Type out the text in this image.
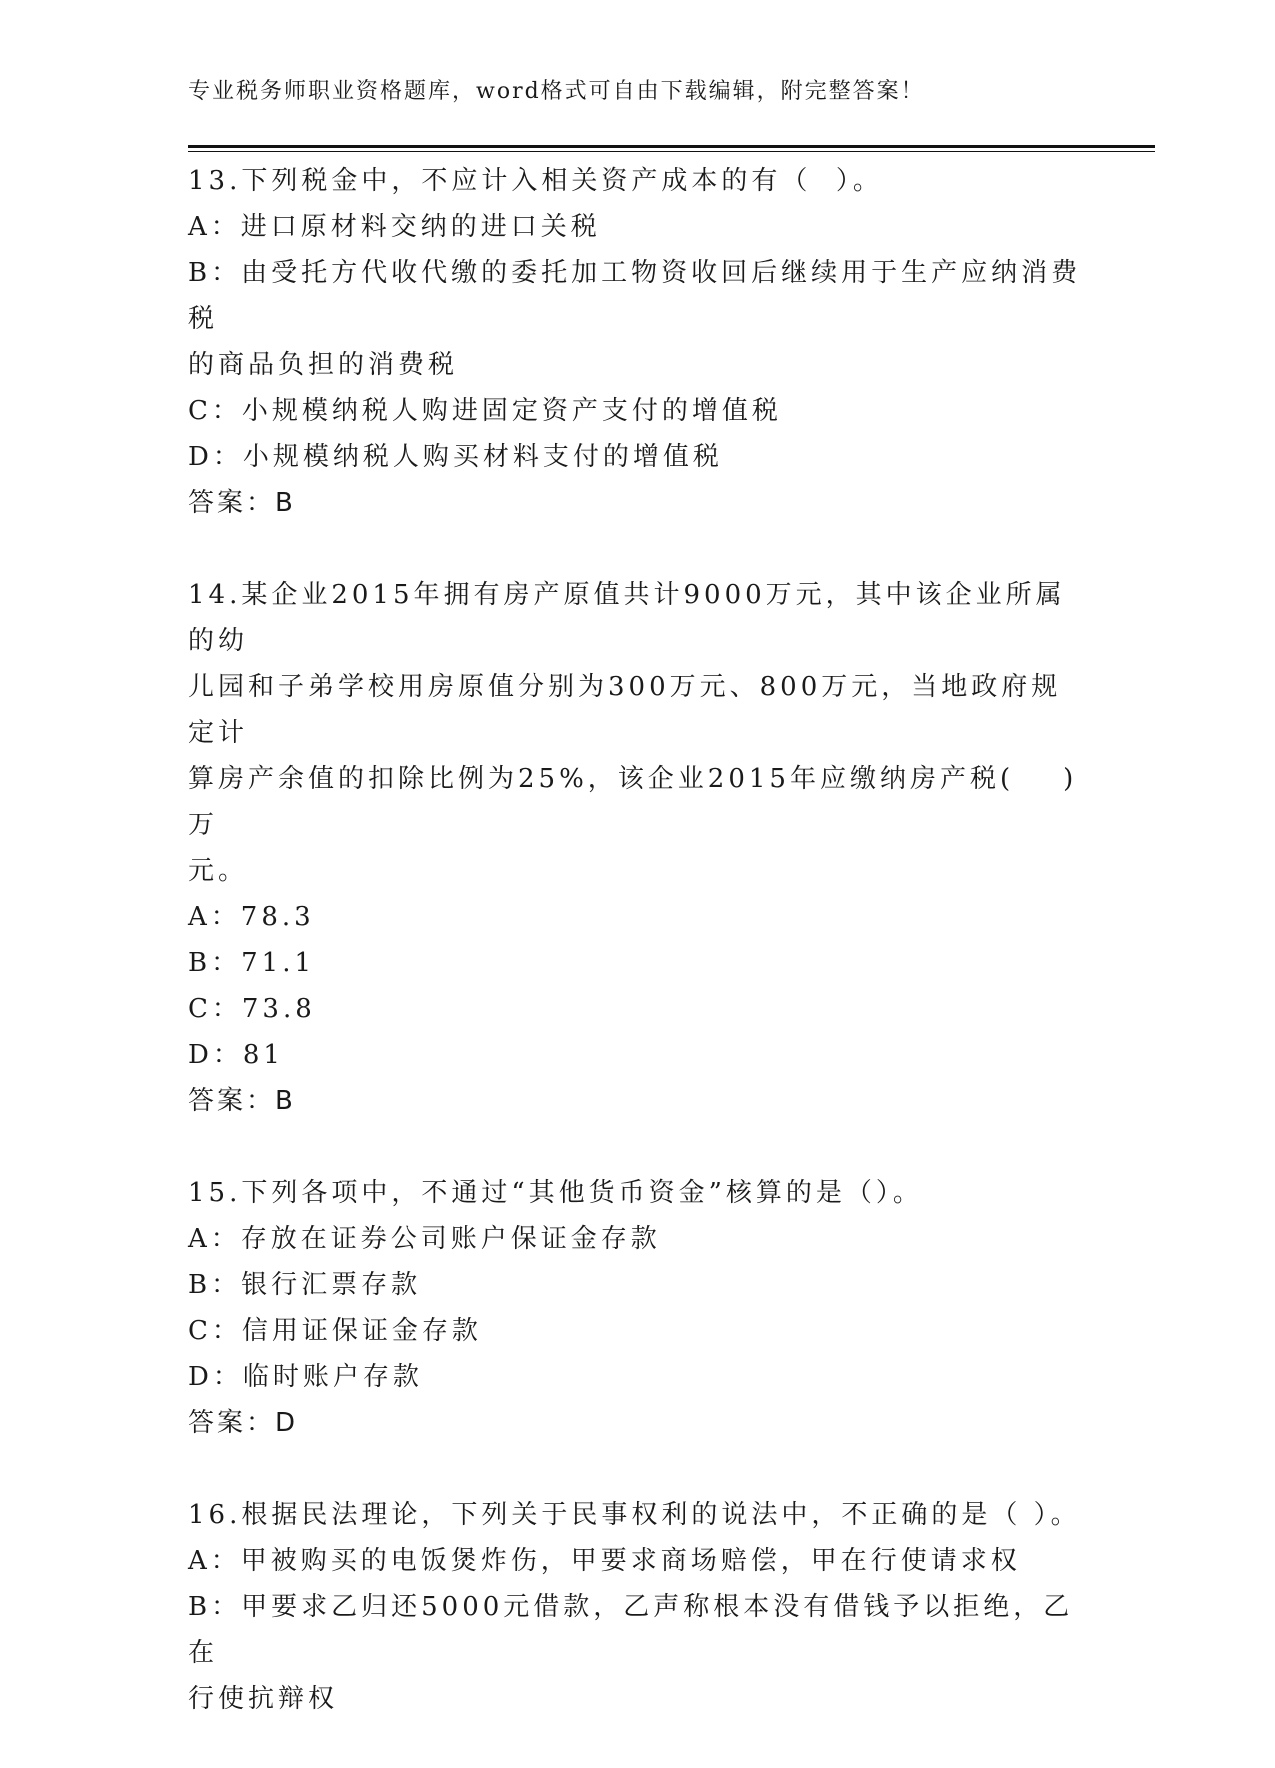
专业税务师职业资格题库，word格式可自由下载编辑，附完整答案！
13.下列税金中，不应计入相关资产成本的有（  ）。
A：进口原材料交纳的进口关税
B：由受托方代收代缴的委托加工物资收回后继续用于生产应纳消费税
的商品负担的消费税
C：小规模纳税人购进固定资产支付的增值税
D：小规模纳税人购买材料支付的增值税
答案：B
14.某企业2015年拥有房产原值共计9000万元，其中该企业所属的幼
儿园和子弟学校用房原值分别为300万元、800万元，当地政府规定计
算房产余值的扣除比例为25%，该企业2015年应缴纳房产税(    )万
元。
A：78.3
B：71.1
C：73.8
D：81
答案：B
15.下列各项中，不通过“其他货币资金”核算的是（）。
A：存放在证券公司账户保证金存款
B：银行汇票存款
C：信用证保证金存款
D：临时账户存款
答案：D
16.根据民法理论，下列关于民事权利的说法中，不正确的是（ ）。
A：甲被购买的电饭煲炸伤，甲要求商场赔偿，甲在行使请求权
B：甲要求乙归还5000元借款，乙声称根本没有借钱予以拒绝，乙在
行使抗辩权
